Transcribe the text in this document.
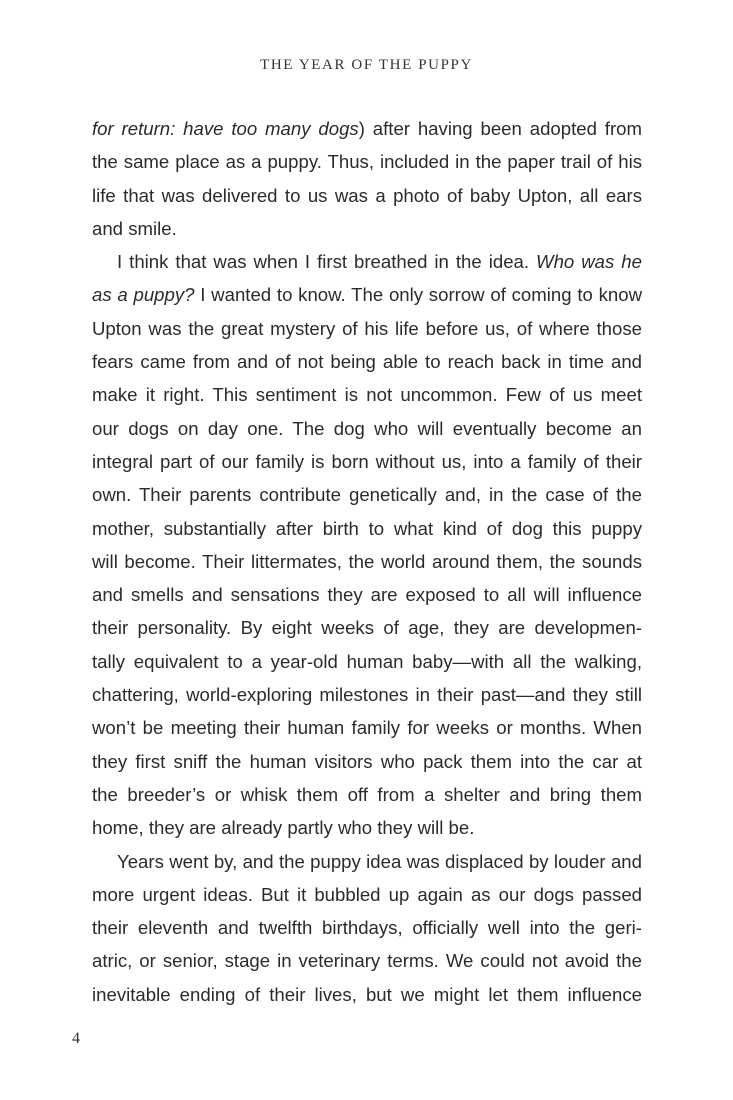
THE YEAR OF THE PUPPY
for return: have too many dogs) after having been adopted from
the same place as a puppy. Thus, included in the paper trail of his
life that was delivered to us was a photo of baby Upton, all ears
and smile.
I think that was when I first breathed in the idea. Who was he
as a puppy? I wanted to know. The only sorrow of coming to know
Upton was the great mystery of his life before us, of where those
fears came from and of not being able to reach back in time and
make it right. This sentiment is not uncommon. Few of us meet
our dogs on day one. The dog who will eventually become an
integral part of our family is born without us, into a family of their
own. Their parents contribute genetically and, in the case of the
mother, substantially after birth to what kind of dog this puppy
will become. Their littermates, the world around them, the sounds
and smells and sensations they are exposed to all will influence
their personality. By eight weeks of age, they are developmen-
tally equivalent to a year-old human baby—with all the walking,
chattering, world-exploring milestones in their past—and they still
won’t be meeting their human family for weeks or months. When
they first sniff the human visitors who pack them into the car at
the breeder’s or whisk them off from a shelter and bring them
home, they are already partly who they will be.
Years went by, and the puppy idea was displaced by louder and
more urgent ideas. But it bubbled up again as our dogs passed
their eleventh and twelfth birthdays, officially well into the geri-
atric, or senior, stage in veterinary terms. We could not avoid the
inevitable ending of their lives, but we might let them influence
4
